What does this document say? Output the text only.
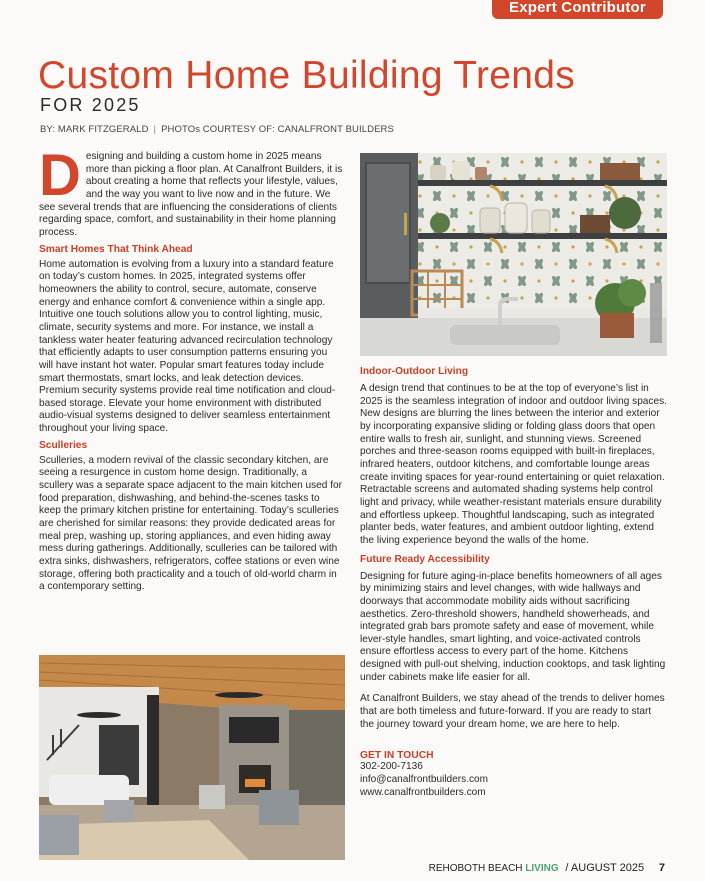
Expert Contributor
Custom Home Building Trends
FOR 2025
BY: MARK FITZGERALD | PHOTOs COURTESY OF: CANALFRONT BUILDERS
D esigning and building a custom home in 2025 means more than picking a floor plan. At Canalfront Builders, it is about creating a home that reflects your lifestyle, values, and the way you want to live now and in the future. We see several trends that are influencing the considerations of clients regarding space, comfort, and sustainability in their home planning process.

Smart Homes That Think Ahead

Home automation is evolving from a luxury into a standard feature on today’s custom homes. In 2025, integrated systems offer homeowners the ability to control, secure, automate, conserve energy and enhance comfort & convenience within a single app. Intuitive one touch solutions allow you to control lighting, music, climate, security systems and more. For instance, we install a tankless water heater featuring advanced recirculation technology that efficiently adapts to user consumption patterns ensuring you will have instant hot water. Popular smart features today include smart thermostats, smart locks, and leak detection devices. Premium security systems provide real time notification and cloud-based storage. Elevate your home environment with distributed audio-visual systems designed to deliver seamless entertainment throughout your living space.

Sculleries

Sculleries, a modern revival of the classic secondary kitchen, are seeing a resurgence in custom home design. Traditionally, a scullery was a separate space adjacent to the main kitchen used for food preparation, dishwashing, and behind-the-scenes tasks to keep the primary kitchen pristine for entertaining. Today’s sculleries are cherished for similar reasons: they provide dedicated areas for meal prep, washing up, storing appliances, and even hiding away mess during gatherings. Additionally, sculleries can be tailored with extra sinks, dishwashers, refrigerators, coffee stations or even wine storage, offering both practicality and a touch of old-world charm in a contemporary setting.

Indoor-Outdoor Living

A design trend that continues to be at the top of everyone’s list in 2025 is the seamless integration of indoor and outdoor living spaces. New designs are blurring the lines between the interior and exterior by incorporating expansive sliding or folding glass doors that open entire walls to fresh air, sunlight, and stunning views. Screened porches and three-season rooms equipped with built-in fireplaces, infrared heaters, outdoor kitchens, and comfortable lounge areas create inviting spaces for year-round entertaining or quiet relaxation. Retractable screens and automated shading systems help control light and privacy, while weather-resistant materials ensure durability and effortless upkeep. Thoughtful landscaping, such as integrated planter beds, water features, and ambient outdoor lighting, extend the living experience beyond the walls of the home.

Future Ready Accessibility

Designing for future aging-in-place benefits homeowners of all ages by minimizing stairs and level changes, with wide hallways and doorways that accommodate mobility aids without sacrificing aesthetics. Zero-threshold showers, handheld showerheads, and integrated grab bars promote safety and ease of movement, while lever-style handles, smart lighting, and voice-activated controls ensure effortless access to every part of the home. Kitchens designed with pull-out shelving, induction cooktops, and task lighting under cabinets make life easier for all.

At Canalfront Builders, we stay ahead of the trends to deliver homes that are both timeless and future-forward. If you are ready to start the journey toward your dream home, we are here to help.

GET IN TOUCH
302-200-7136
info@canalfrontbuilders.com
www.canalfrontbuilders.com
REHOBOTH BEACH LIVING / AUGUST 2025 7
